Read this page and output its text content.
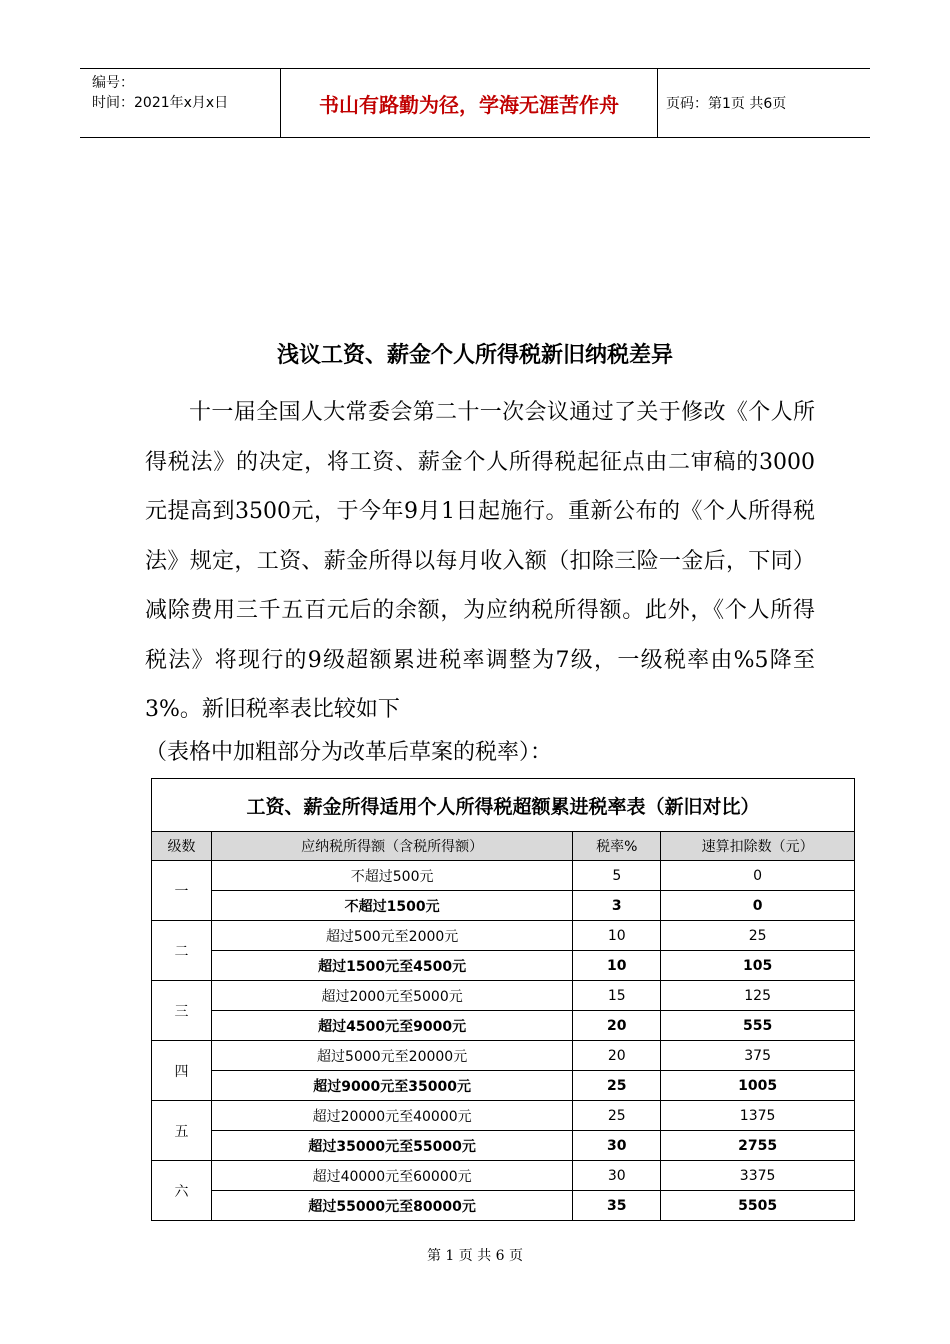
编号：
时间：2021年x月x日	书山有路勤为径，学海无涯苦作舟	页码：第1页 共6页
浅议工资、薪金个人所得税新旧纳税差异

十一届全国人大常委会第二十一次会议通过了关于修改《个人所得税法》的决定，将工资、薪金个人所得税起征点由二审稿的3000元提高到3500元，于今年9月1日起施行。重新公布的《个人所得税法》规定，工资、薪金所得以每月收入额（扣除三险一金后，下同）减除费用三千五百元后的余额，为应纳税所得额。此外，《个人所得税法》将现行的9级超额累进税率调整为7级，一级税率由%5降至3%。新旧税率表比较如下

（表格中加粗部分为改革后草案的税率）：

工资、薪金所得适用个人所得税超额累进税率表（新旧对比）			
级数	应纳税所得额（含税所得额）	税率%	速算扣除数（元）
一	不超过500元	5	0
	不超过1500元	3	0
二	超过500元至2000元	10	25
	超过1500元至4500元	10	105
三	超过2000元至5000元	15	125
	超过4500元至9000元	20	555
四	超过5000元至20000元	20	375
	超过9000元至35000元	25	1005
五	超过20000元至40000元	25	1375
	超过35000元至55000元	30	2755
六	超过40000元至60000元	30	3375
	超过55000元至80000元	35	5505
第 1 页 共 6 页
